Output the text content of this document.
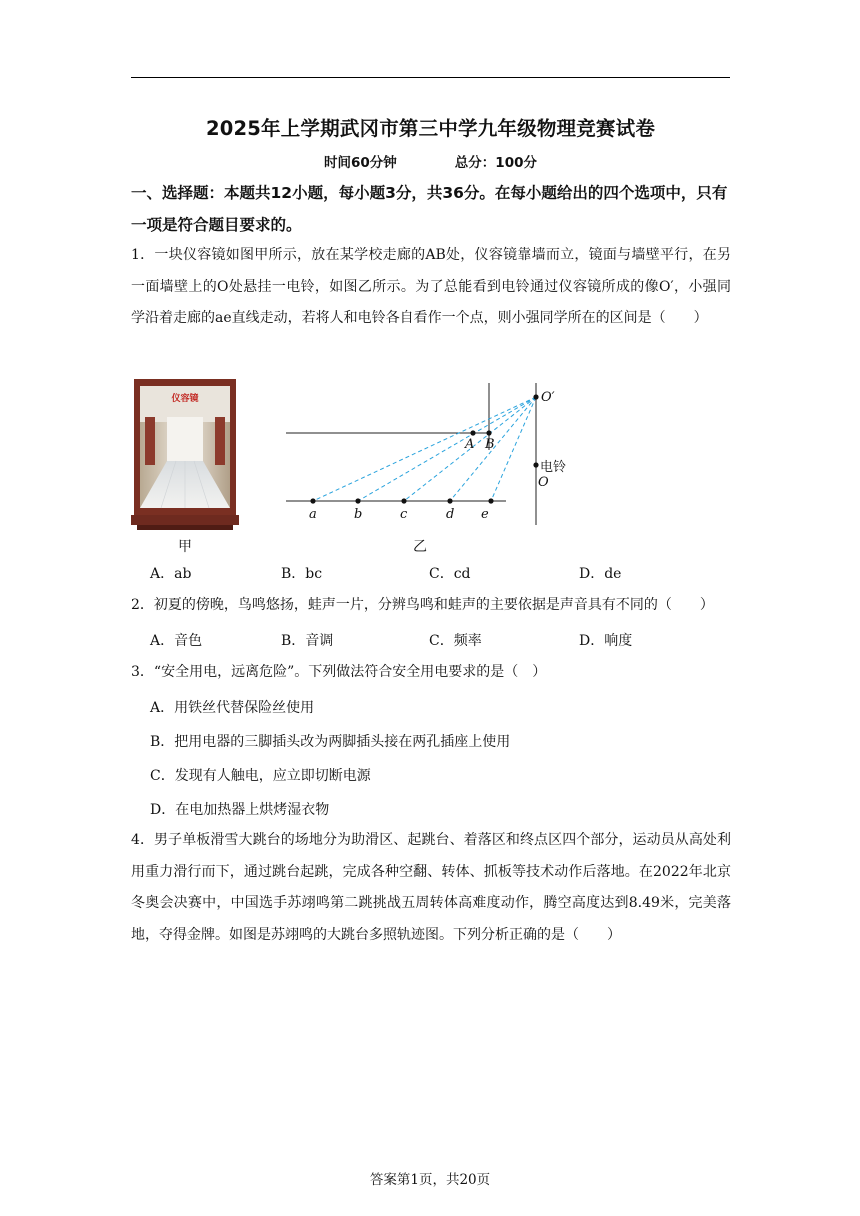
2025年上学期武冈市第三中学九年级物理竞赛试卷
时间60分钟	总分：100分
一、选择题：本题共12小题，每小题3分，共36分。在每小题给出的四个选项中，只有一项是符合题目要求的。
1．一块仪容镜如图甲所示，放在某学校走廊的AB处，仪容镜靠墙而立，镜面与墙壁平行，在另一面墙壁上的O处悬挂一电铃，如图乙所示。为了总能看到电铃通过仪容镜所成的像O′，小强同学沿着走廊的ae直线走动，若将人和电铃各自看作一个点，则小强同学所在的区间是（　　）
仪容镜
甲
O′
A B
O
a	b	c	d e
电铃
乙
A．ab	B．bc	C．cd	D．de
2．初夏的傍晚，鸟鸣悠扬，蛙声一片，分辨鸟鸣和蛙声的主要依据是声音具有不同的（　　）
A．音色	B．音调	C．频率	D．响度
3．“安全用电，远离危险”。下列做法符合安全用电要求的是（　）
A．用铁丝代替保险丝使用
B．把用电器的三脚插头改为两脚插头接在两孔插座上使用
C．发现有人触电，应立即切断电源
D．在电加热器上烘烤湿衣物
4．男子单板滑雪大跳台的场地分为助滑区、起跳台、着落区和终点区四个部分，运动员从高处利用重力滑行而下，通过跳台起跳，完成各种空翻、转体、抓板等技术动作后落地。在2022年北京冬奥会决赛中，中国选手苏翊鸣第二跳挑战五周转体高难度动作，腾空高度达到8.49米，完美落地，夺得金牌。如图是苏翊鸣的大跳台多照轨迹图。下列分析正确的是（　　）
答案第1页，共20页
